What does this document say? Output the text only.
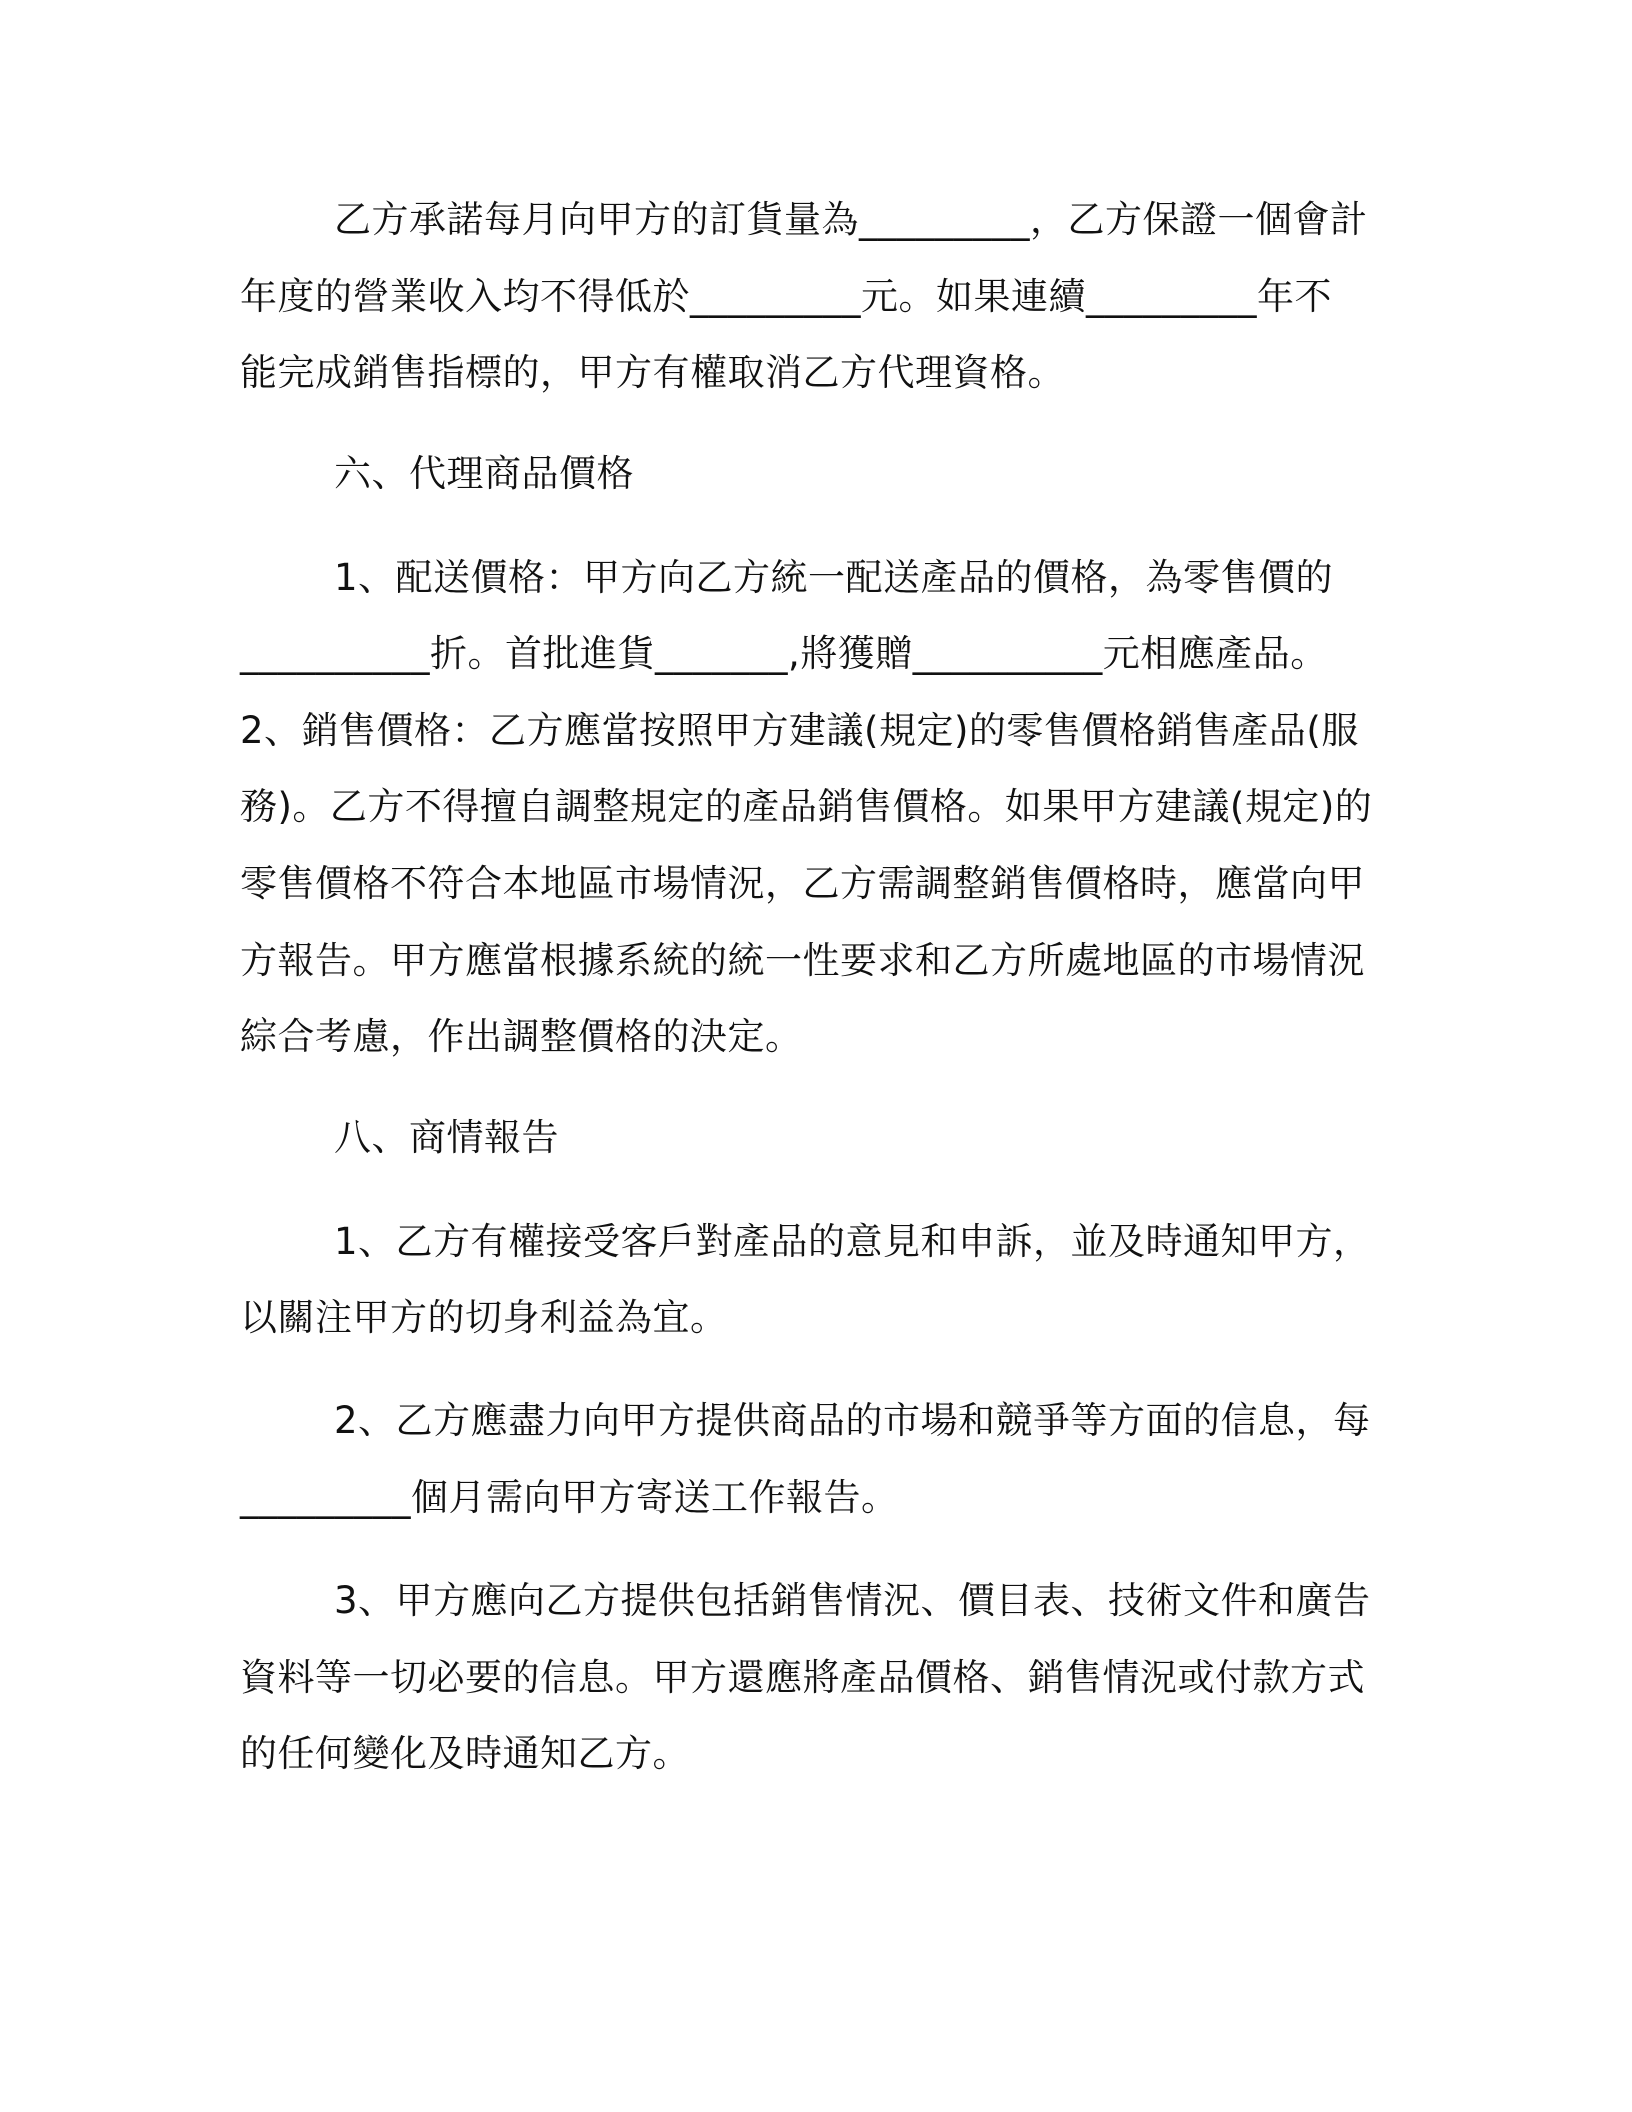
乙方承諾每月向甲方的訂貨量為_________，乙方保證一個會計
年度的營業收入均不得低於_________元。如果連續_________年不
能完成銷售指標的，甲方有權取消乙方代理資格。
六、代理商品價格
1、配送價格：甲方向乙方統一配送產品的價格，為零售價的
__________折。首批進貨_______,將獲贈__________元相應產品。
2、銷售價格：乙方應當按照甲方建議(規定)的零售價格銷售產品(服
務)。乙方不得擅自調整規定的產品銷售價格。如果甲方建議(規定)的
零售價格不符合本地區市場情況，乙方需調整銷售價格時，應當向甲
方報告。甲方應當根據系統的統一性要求和乙方所處地區的市場情況
綜合考慮，作出調整價格的決定。
八、商情報告
1、乙方有權接受客戶對產品的意見和申訴，並及時通知甲方，
以關注甲方的切身利益為宜。
2、乙方應盡力向甲方提供商品的市場和競爭等方面的信息，每
_________個月需向甲方寄送工作報告。
3、甲方應向乙方提供包括銷售情況、價目表、技術文件和廣告
資料等一切必要的信息。甲方還應將產品價格、銷售情況或付款方式
的任何變化及時通知乙方。
